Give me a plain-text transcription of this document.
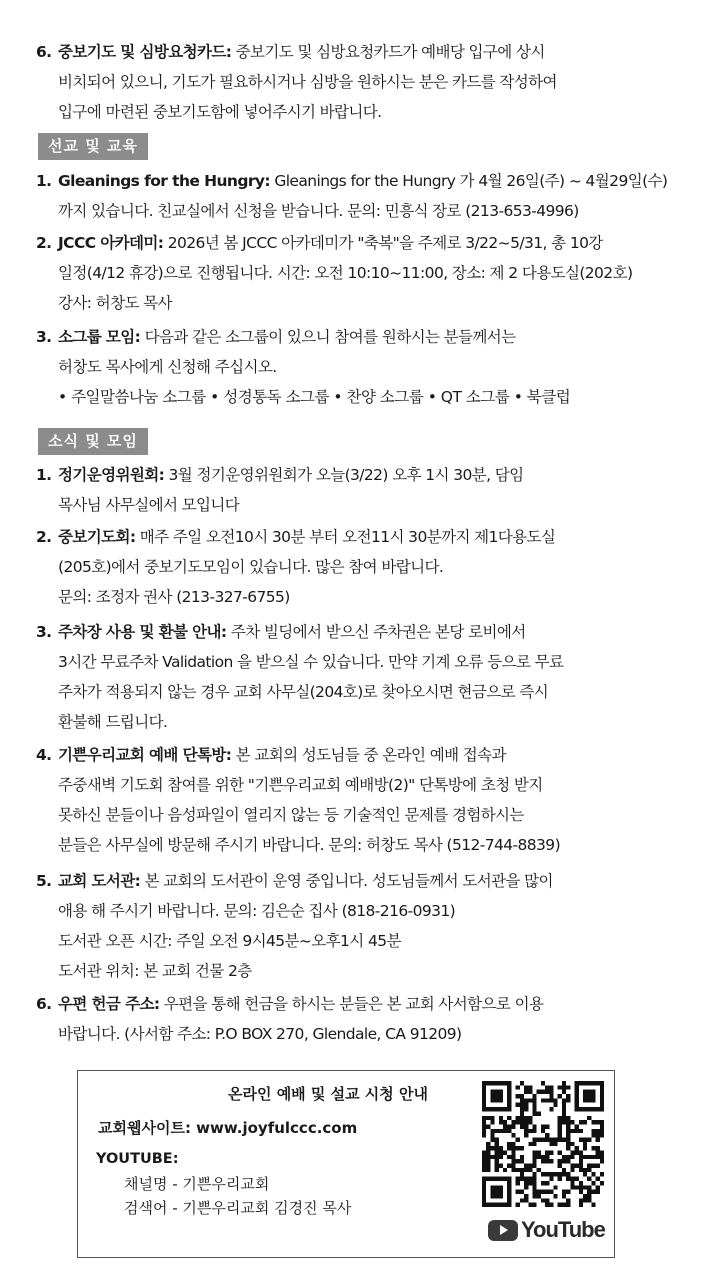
6. 중보기도 및 심방요청카드: 중보기도 및 심방요청카드가 예배당 입구에 상시
비치되어 있으니, 기도가 필요하시거나 심방을 원하시는 분은 카드를 작성하여
입구에 마련된 중보기도함에 넣어주시기 바랍니다.
선교 및 교육
1. Gleanings for the Hungry: Gleanings for the Hungry 가 4월 26일(주) ~ 4월29일(수)
까지 있습니다. 친교실에서 신청을 받습니다. 문의: 민흥식 장로 (213-653-4996)
2. JCCC 아카데미: 2026년 봄 JCCC 아카데미가 "축복"을 주제로 3/22~5/31, 총 10강
일정(4/12 휴강)으로 진행됩니다. 시간: 오전 10:10~11:00, 장소: 제 2 다용도실(202호)
강사: 허창도 목사
3. 소그룹 모임: 다음과 같은 소그룹이 있으니 참여를 원하시는 분들께서는
허창도 목사에게 신청해 주십시오.
• 주일말씀나눔 소그룹 • 성경통독 소그룹 • 찬양 소그룹 • QT 소그룹 • 북클럽
소식 및 모임
1. 정기운영위원회: 3월 정기운영위원회가 오늘(3/22) 오후 1시 30분, 담임
목사님 사무실에서 모입니다
2. 중보기도회: 매주 주일 오전10시 30분 부터 오전11시 30분까지 제1다용도실
(205호)에서 중보기도모임이 있습니다. 많은 참여 바랍니다.
문의: 조정자 권사 (213-327-6755)
3. 주차장 사용 및 환불 안내: 주차 빌딩에서 받으신 주차권은 본당 로비에서
3시간 무료주차 Validation 을 받으실 수 있습니다. 만약 기계 오류 등으로 무료
주차가 적용되지 않는 경우 교회 사무실(204호)로 찾아오시면 현금으로 즉시
환불해 드립니다.
4. 기쁜우리교회 예배 단톡방: 본 교회의 성도님들 중 온라인 예배 접속과
주중새벽 기도회 참여를 위한 "기쁜우리교회 예배방(2)" 단톡방에 초청 받지
못하신 분들이나 음성파일이 열리지 않는 등 기술적인 문제를 경험하시는
분들은 사무실에 방문해 주시기 바랍니다. 문의: 허창도 목사 (512-744-8839)
5. 교회 도서관: 본 교회의 도서관이 운영 중입니다. 성도님들께서 도서관을 많이
애용 해 주시기 바랍니다. 문의: 김은순 집사 (818-216-0931)
도서관 오픈 시간: 주일 오전 9시45분~오후1시 45분
도서관 위치: 본 교회 건물 2층
6. 우편 헌금 주소: 우편을 통해 헌금을 하시는 분들은 본 교회 사서함으로 이용
바랍니다. (사서함 주소: P.O BOX 270, Glendale, CA 91209)
온라인 예배 및 설교 시청 안내
교회웹사이트: www.joyfulccc.com
YOUTUBE:
채널명 - 기쁜우리교회
검색어 - 기쁜우리교회 김경진 목사
YouTube
